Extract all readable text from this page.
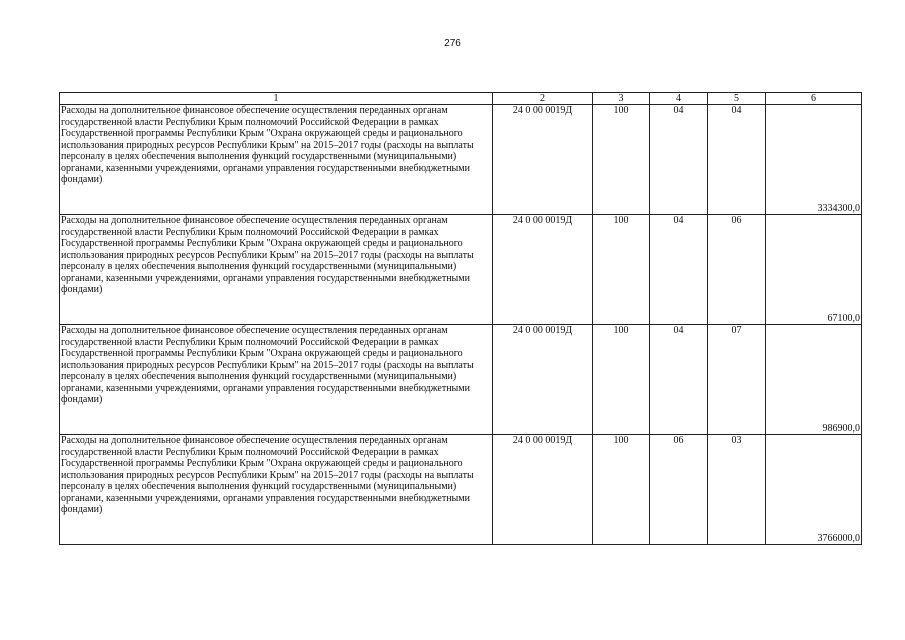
276
1	2	3	4	5	6
Расходы на дополнительное финансовое обеспечение осуществления переданных органам государственной власти Республики Крым полномочий Российской Федерации в рамках Государственной программы Республики Крым "Охрана окружающей среды и рационального использования природных ресурсов Республики Крым" на 2015–2017 годы (расходы на выплаты персоналу в целях обеспечения выполнения функций государственными (муниципальными) органами, казенными учреждениями, органами управления государственными внебюджетными фондами)	24 0 00 0019Д	100	04	04	3334300,0
Расходы на дополнительное финансовое обеспечение осуществления переданных органам государственной власти Республики Крым полномочий Российской Федерации в рамках Государственной программы Республики Крым "Охрана окружающей среды и рационального использования природных ресурсов Республики Крым" на 2015–2017 годы (расходы на выплаты персоналу в целях обеспечения выполнения функций государственными (муниципальными) органами, казенными учреждениями, органами управления государственными внебюджетными фондами)	24 0 00 0019Д	100	04	06	67100,0
Расходы на дополнительное финансовое обеспечение осуществления переданных органам государственной власти Республики Крым полномочий Российской Федерации в рамках Государственной программы Республики Крым "Охрана окружающей среды и рационального использования природных ресурсов Республики Крым" на 2015–2017 годы (расходы на выплаты персоналу в целях обеспечения выполнения функций государственными (муниципальными) органами, казенными учреждениями, органами управления государственными внебюджетными фондами)	24 0 00 0019Д	100	04	07	986900,0
Расходы на дополнительное финансовое обеспечение осуществления переданных органам государственной власти Республики Крым полномочий Российской Федерации в рамках Государственной программы Республики Крым "Охрана окружающей среды и рационального использования природных ресурсов Республики Крым" на 2015–2017 годы (расходы на выплаты персоналу в целях обеспечения выполнения функций государственными (муниципальными) органами, казенными учреждениями, органами управления государственными внебюджетными фондами)	24 0 00 0019Д	100	06	03	3766000,0
